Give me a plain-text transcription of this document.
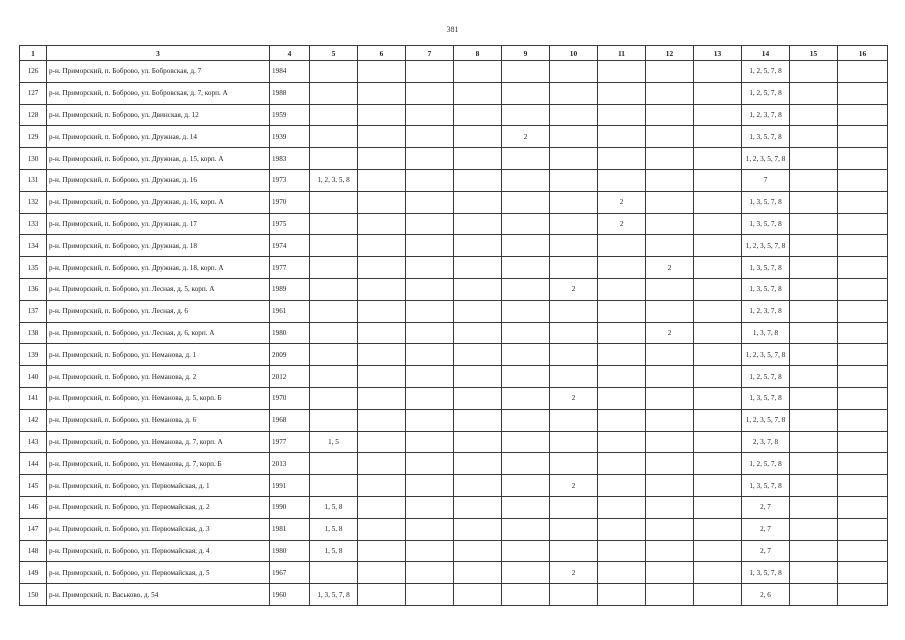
381
1	3	4	5	6	7	8	9	10	11	12	13	14	15	16
126	р-н. Приморский, п. Боброво, ул. Бобровская, д. 7	1984										1, 2, 5, 7, 8		
127	р-н. Приморский, п. Боброво, ул. Бобровская, д. 7, корп. А	1988										1, 2, 5, 7, 8		
128	р-н. Приморский, п. Боброво, ул. Двинская, д. 12	1959										1, 2, 3, 7, 8		
129	р-н. Приморский, п. Боброво, ул. Дружная, д. 14	1939					2					1, 3, 5, 7, 8		
130	р-н. Приморский, п. Боброво, ул. Дружная, д. 15, корп. А	1983										1, 2, 3, 5, 7, 8		
131	р-н. Приморский, п. Боброво, ул. Дружная, д. 16	1973	1, 2, 3, 5, 8									7		
132	р-н. Приморский, п. Боброво, ул. Дружная, д. 16, корп. А	1970							2			1, 3, 5, 7, 8		
133	р-н. Приморский, п. Боброво, ул. Дружная, д. 17	1975							2			1, 3, 5, 7, 8		
134	р-н. Приморский, п. Боброво, ул. Дружная, д. 18	1974										1, 2, 3, 5, 7, 8		
135	р-н. Приморский, п. Боброво, ул. Дружная, д. 18, корп. А	1977								2		1, 3, 5, 7, 8		
136	р-н. Приморский, п. Боброво, ул. Лесная, д. 5, корп. А	1989						2				1, 3, 5, 7, 8		
137	р-н. Приморский, п. Боброво, ул. Лесная, д. 6	1961										1, 2, 3, 7, 8		
138	р-н. Приморский, п. Боброво, ул. Лесная, д. 6, корп. А	1980								2		1, 3, 7, 8		
139	р-н. Приморский, п. Боброво, ул. Неманова, д. 1	2009										1, 2, 3, 5, 7, 8		
140	р-н. Приморский, п. Боброво, ул. Неманова, д. 2	2012										1, 2, 5, 7, 8		
141	р-н. Приморский, п. Боброво, ул. Неманова, д. 5, корп. Б	1970						2				1, 3, 5, 7, 8		
142	р-н. Приморский, п. Боброво, ул. Неманова, д. 6	1968										1, 2, 3, 5, 7, 8		
143	р-н. Приморский, п. Боброво, ул. Неманова, д. 7, корп. А	1977	1, 5									2, 3, 7, 8		
144	р-н. Приморский, п. Боброво, ул. Неманова, д. 7, корп. Б	2013										1, 2, 5, 7, 8		
145	р-н. Приморский, п. Боброво, ул. Первомайская, д. 1	1991						2				1, 3, 5, 7, 8		
146	р-н. Приморский, п. Боброво, ул. Первомайская, д. 2	1990	1, 5, 8									2, 7		
147	р-н. Приморский, п. Боброво, ул. Первомайская, д. 3	1981	1, 5, 8									2, 7		
148	р-н. Приморский, п. Боброво, ул. Первомайская, д. 4	1980	1, 5, 8									2, 7		
149	р-н. Приморский, п. Боброво, ул. Первомайская, д. 5	1967						2				1, 3, 5, 7, 8		
150	р-н. Приморский, п. Васьково, д. 54	1960	1, 3, 5, 7, 8									2, 6		
